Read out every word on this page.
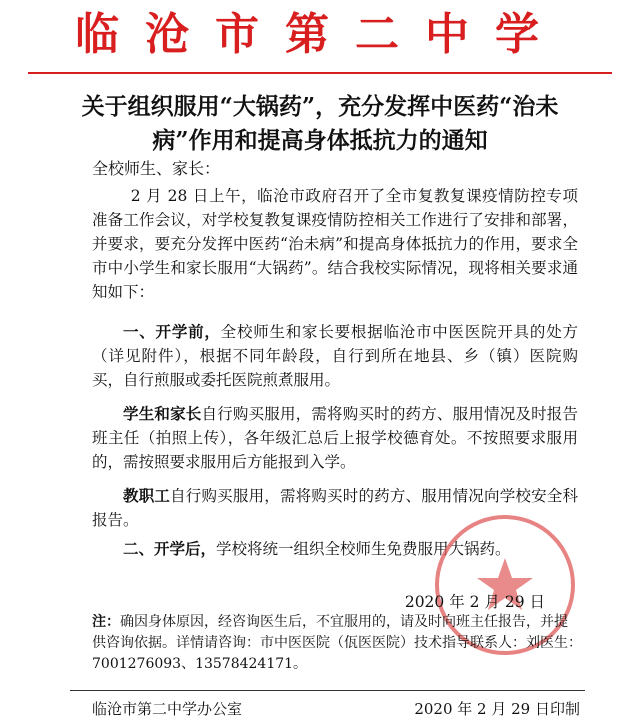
临沧市第二中学
关于组织服用“大锅药”，充分发挥中医药“治未病”作用和提高身体抵抗力的通知
全校师生、家长：
2 月 28 日上午，临沧市政府召开了全市复教复课疫情防控专项准备工作会议，对学校复教复课疫情防控相关工作进行了安排和部署，并要求，要充分发挥中医药“治未病”和提高身体抵抗力的作用，要求全市中小学生和家长服用“大锅药”。结合我校实际情况，现将相关要求通知如下：
一、开学前，全校师生和家长要根据临沧市中医医院开具的处方（详见附件），根据不同年龄段，自行到所在地县、乡（镇）医院购买，自行煎服或委托医院煎煮服用。
学生和家长自行购买服用，需将购买时的药方、服用情况及时报告班主任（拍照上传），各年级汇总后上报学校德育处。不按照要求服用的，需按照要求服用后方能报到入学。
教职工自行购买服用，需将购买时的药方、服用情况向学校安全科报告。
二、开学后，学校将统一组织全校师生免费服用大锅药。
2020 年 2 月 29 日
注：确因身体原因，经咨询医生后，不宜服用的，请及时向班主任报告，并提供咨询依据。详情请咨询：市中医医院（佤医医院）技术指导联系人：刘医生：　7001276093、13578424171。
临沧市第二中学办公室	2020 年 2 月 29 日印制
